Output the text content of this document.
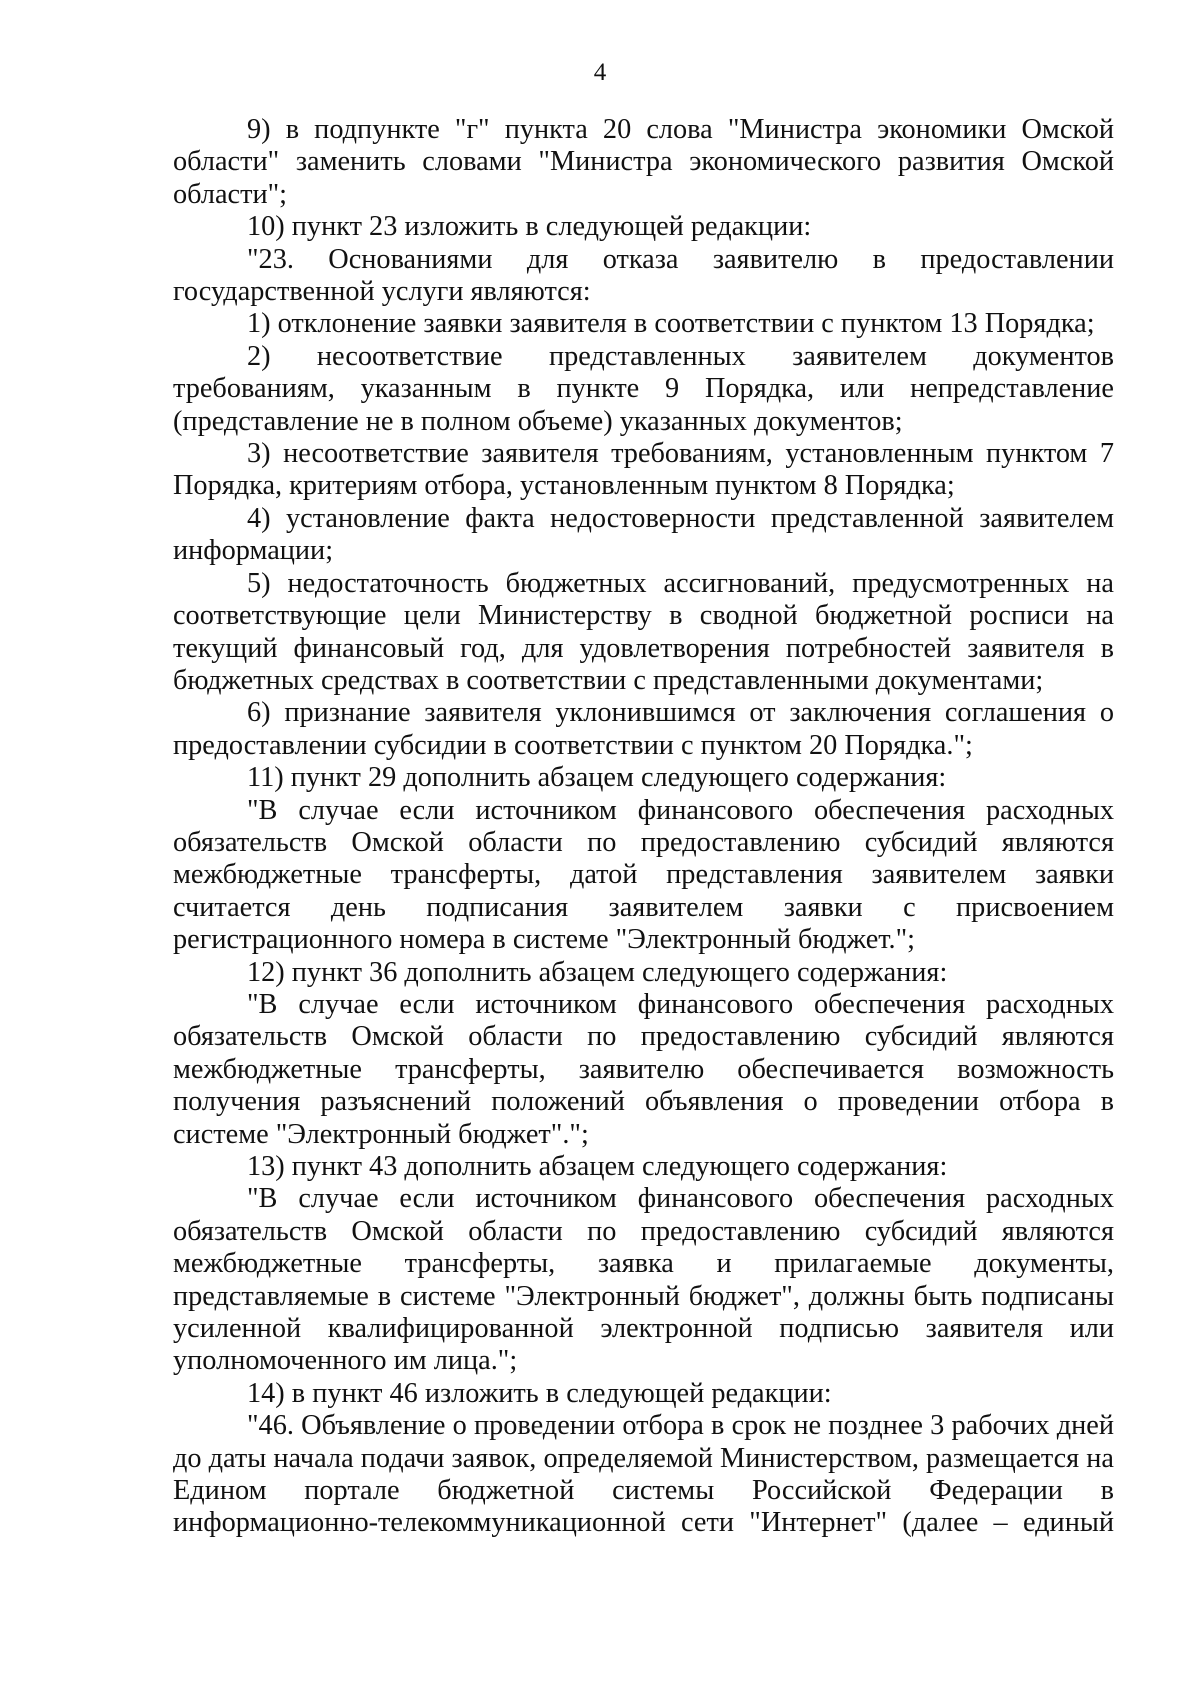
4

9) в подпункте "г" пункта 20 слова "Министра экономики Омской области" заменить словами "Министра экономического развития Омской области";

10) пункт 23 изложить в следующей редакции:

"23. Основаниями для отказа заявителю в предоставлении государственной услуги являются:

1) отклонение заявки заявителя в соответствии с пунктом 13 Порядка;

2) несоответствие представленных заявителем документов требованиям, указанным в пункте 9 Порядка, или непредставление (представление не в полном объеме) указанных документов;

3) несоответствие заявителя требованиям, установленным пунктом 7 Порядка, критериям отбора, установленным пунктом 8 Порядка;

4) установление факта недостоверности представленной заявителем информации;

5) недостаточность бюджетных ассигнований, предусмотренных на соответствующие цели Министерству в сводной бюджетной росписи на текущий финансовый год, для удовлетворения потребностей заявителя в бюджетных средствах в соответствии с представленными документами;

6) признание заявителя уклонившимся от заключения соглашения о предоставлении субсидии в соответствии с пунктом 20 Порядка.";

11) пункт 29 дополнить абзацем следующего содержания:

"В случае если источником финансового обеспечения расходных обязательств Омской области по предоставлению субсидий являются межбюджетные трансферты, датой представления заявителем заявки считается день подписания заявителем заявки с присвоением регистрационного номера в системе "Электронный бюджет.";

12) пункт 36 дополнить абзацем следующего содержания:

"В случае если источником финансового обеспечения расходных обязательств Омской области по предоставлению субсидий являются межбюджетные трансферты, заявителю обеспечивается возможность получения разъяснений положений объявления о проведении отбора в системе "Электронный бюджет".";

13) пункт 43 дополнить абзацем следующего содержания:

"В случае если источником финансового обеспечения расходных обязательств Омской области по предоставлению субсидий являются межбюджетные трансферты, заявка и прилагаемые документы, представляемые в системе "Электронный бюджет", должны быть подписаны усиленной квалифицированной электронной подписью заявителя или уполномоченного им лица.";

14) в пункт 46 изложить в следующей редакции:

"46. Объявление о проведении отбора в срок не позднее 3 рабочих дней до даты начала подачи заявок, определяемой Министерством, размещается на Едином портале бюджетной системы Российской Федерации в информационно-телекоммуникационной сети "Интернет" (далее – единый
